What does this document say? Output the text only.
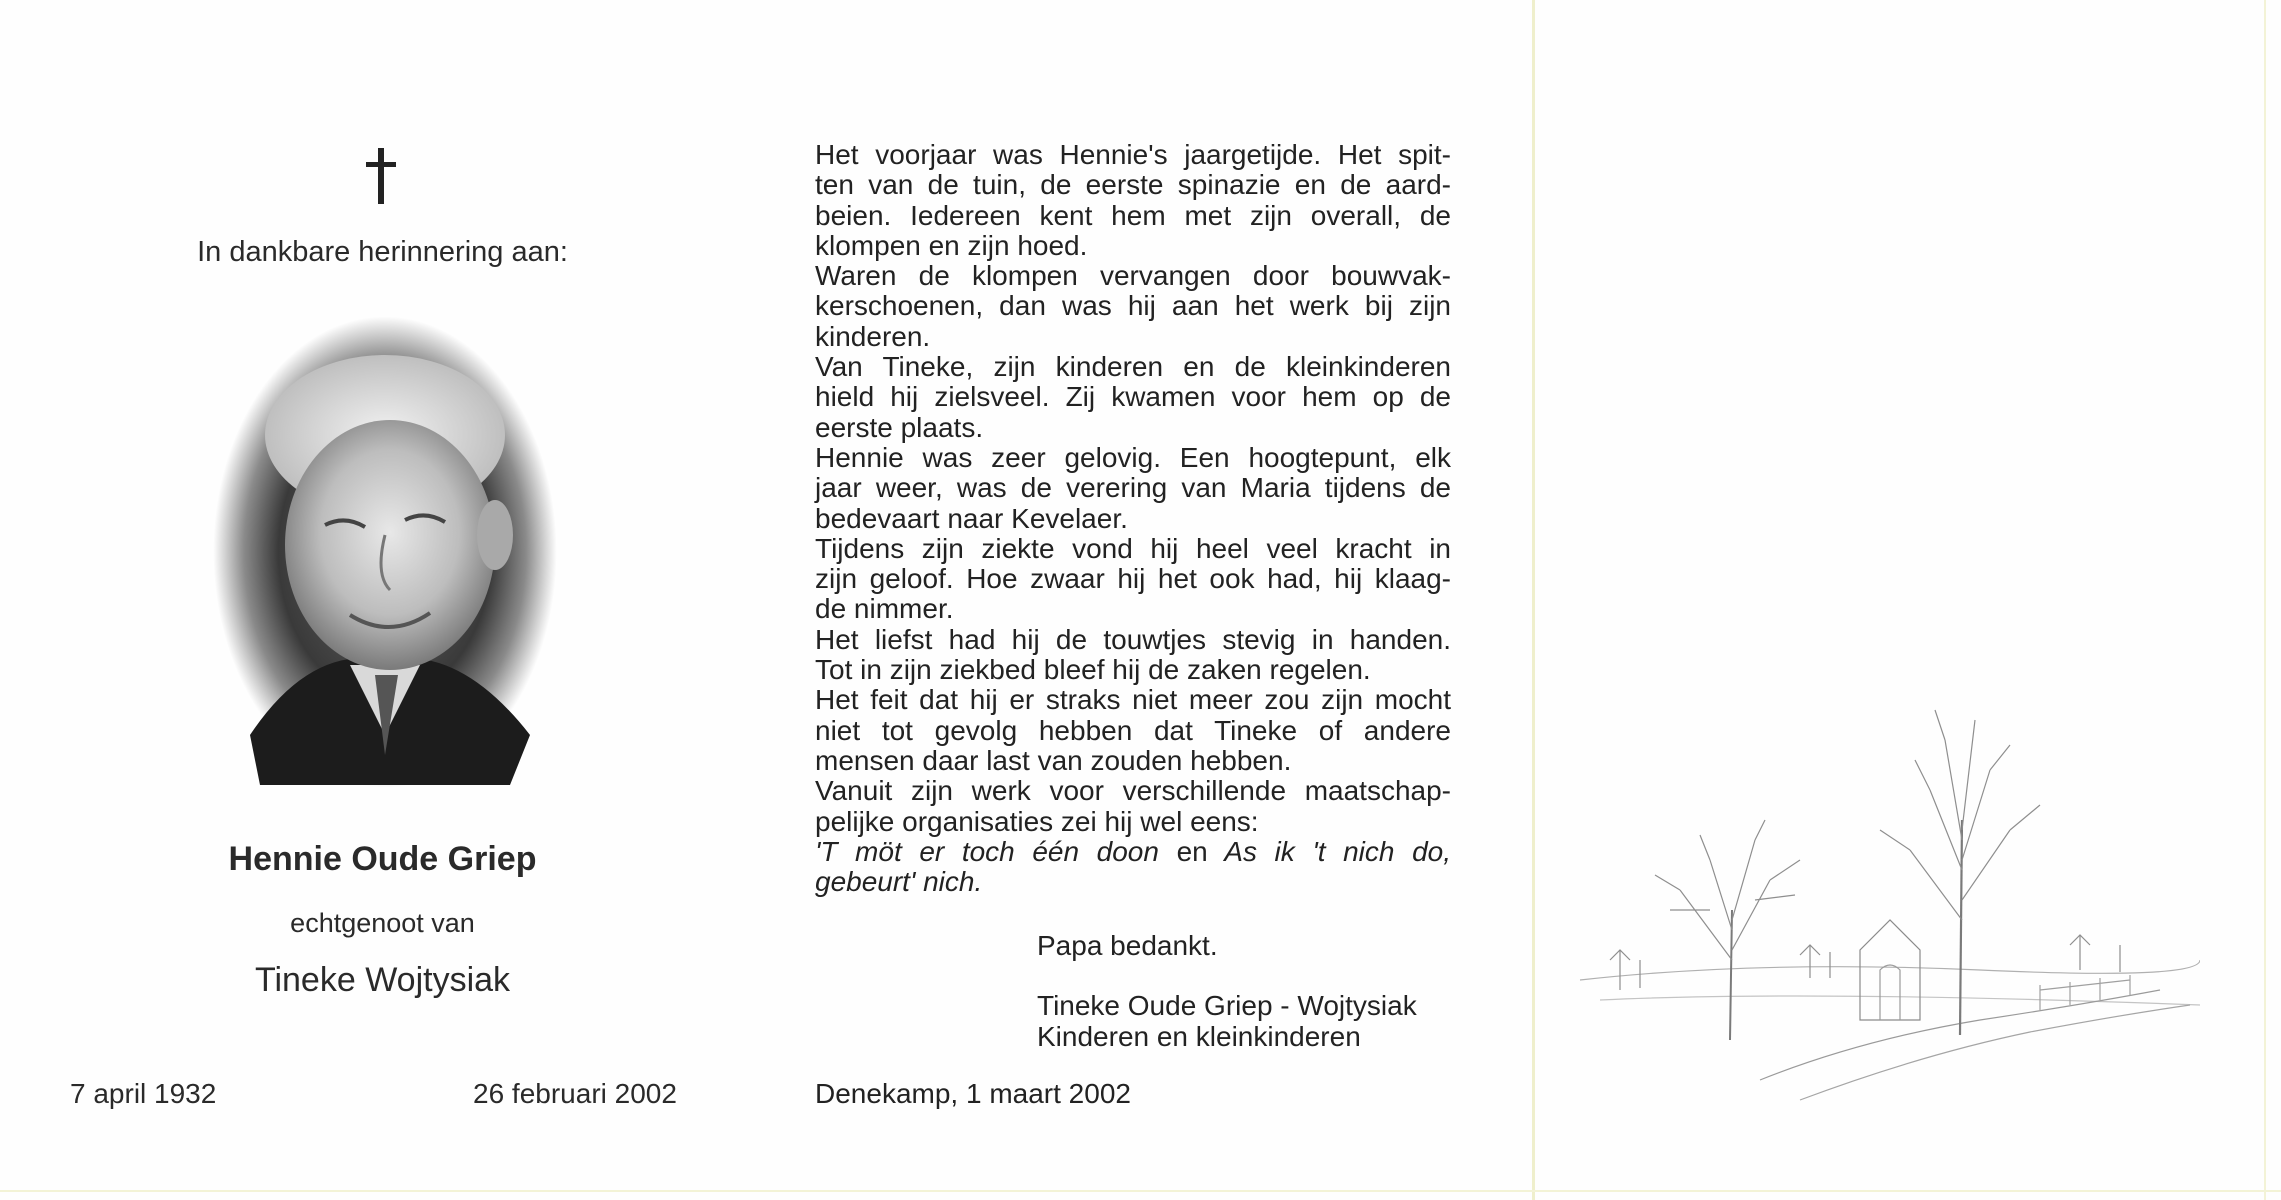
In dankbare herinnering aan:
Hennie Oude Griep
echtgenoot van
Tineke Wojtysiak
7 april 1932	26 februari 2002
Het voorjaar was Hennie's jaargetijde. Het spit-
ten van de tuin, de eerste spinazie en de aard-
beien. Iedereen kent hem met zijn overall, de
klompen en zijn hoed.
Waren de klompen vervangen door bouwvak-
kerschoenen, dan was hij aan het werk bij zijn
kinderen.
Van Tineke, zijn kinderen en de kleinkinderen
hield hij zielsveel. Zij kwamen voor hem op de
eerste plaats.
Hennie was zeer gelovig. Een hoogtepunt, elk
jaar weer, was de verering van Maria tijdens de
bedevaart naar Kevelaer.
Tijdens zijn ziekte vond hij heel veel kracht in
zijn geloof. Hoe zwaar hij het ook had, hij klaag-
de nimmer.
Het liefst had hij de touwtjes stevig in handen.
Tot in zijn ziekbed bleef hij de zaken regelen.
Het feit dat hij er straks niet meer zou zijn mocht
niet tot gevolg hebben dat Tineke of andere
mensen daar last van zouden hebben.
Vanuit zijn werk voor verschillende maatschap-
pelijke organisaties zei hij wel eens:
'T möt er toch één doon en As ik 't nich do,
gebeurt' nich.
Papa bedankt.
Tineke Oude Griep - Wojtysiak
Kinderen en kleinkinderen
Denekamp, 1 maart 2002
